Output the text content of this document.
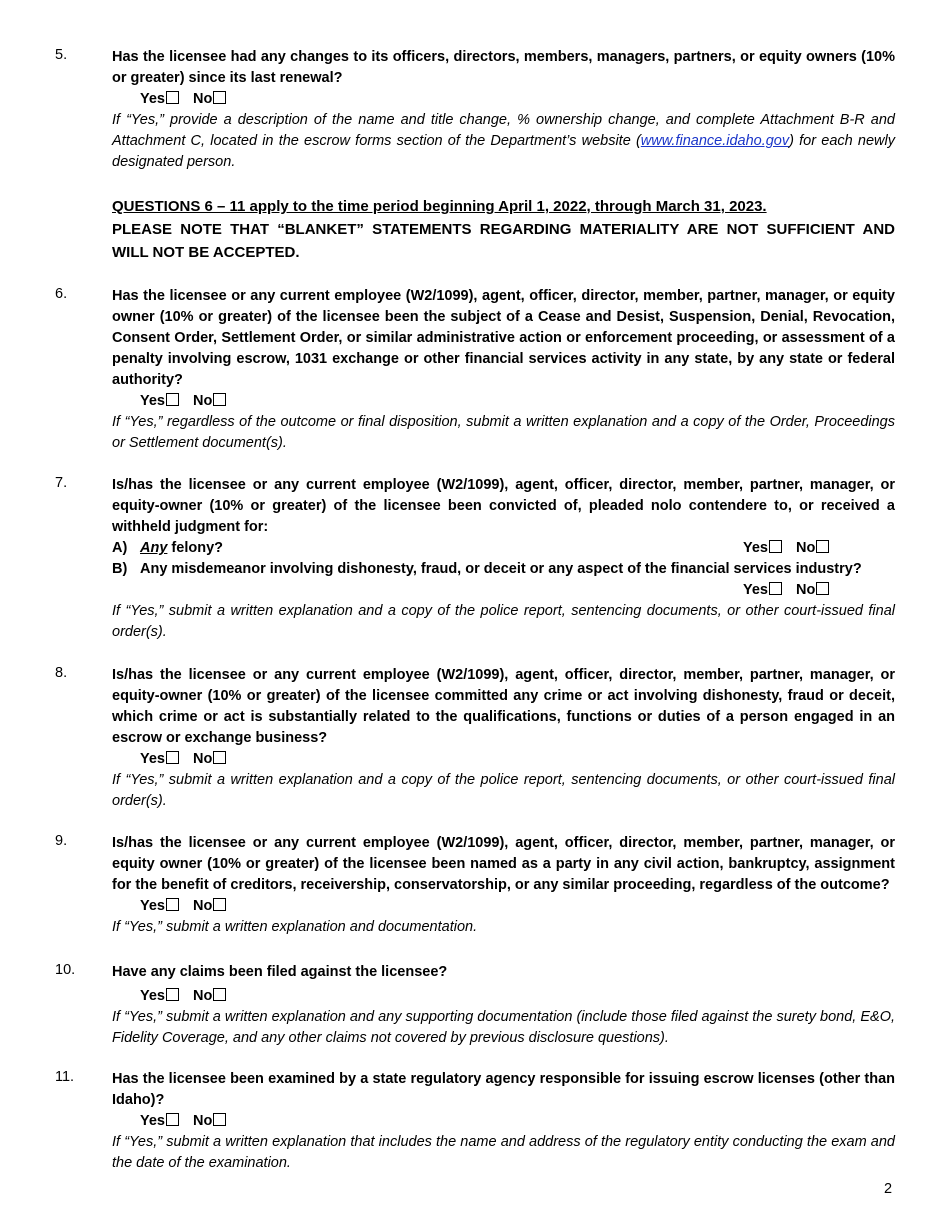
5.	Has the licensee had any changes to its officers, directors, members, managers, partners, or equity owners (10% or greater) since its last renewal?
Yes No
If “Yes,” provide a description of the name and title change, % ownership change, and complete Attachment B-R and Attachment C, located in the escrow forms section of the Department’s website (www.finance.idaho.gov) for each newly designated person.
QUESTIONS 6 – 11 apply to the time period beginning April 1, 2022, through March 31, 2023.
PLEASE NOTE THAT “BLANKET” STATEMENTS REGARDING MATERIALITY ARE NOT SUFFICIENT AND WILL NOT BE ACCEPTED.
6.	Has the licensee or any current employee (W2/1099), agent, officer, director, member, partner, manager, or equity owner (10% or greater) of the licensee been the subject of a Cease and Desist, Suspension, Denial, Revocation, Consent Order, Settlement Order, or similar administrative action or enforcement proceeding, or assessment of a penalty involving escrow, 1031 exchange or other financial services activity in any state, by any state or federal authority?
Yes No
If “Yes,” regardless of the outcome or final disposition, submit a written explanation and a copy of the Order, Proceedings or Settlement document(s).
7.	Is/has the licensee or any current employee (W2/1099), agent, officer, director, member, partner, manager, or equity-owner (10% or greater) of the licensee been convicted of, pleaded nolo contendere to, or received a withheld judgment for:
A) Any felony?	Yes No
B) Any misdemeanor involving dishonesty, fraud, or deceit or any aspect of the financial services industry?
Yes No
If “Yes,” submit a written explanation and a copy of the police report, sentencing documents, or other court-issued final order(s).
8.	Is/has the licensee or any current employee (W2/1099), agent, officer, director, member, partner, manager, or equity-owner (10% or greater) of the licensee committed any crime or act involving dishonesty, fraud or deceit, which crime or act is substantially related to the qualifications, functions or duties of a person engaged in an escrow or exchange business?
Yes No
If “Yes,” submit a written explanation and a copy of the police report, sentencing documents, or other court-issued final order(s).
9.	Is/has the licensee or any current employee (W2/1099), agent, officer, director, member, partner, manager, or equity owner (10% or greater) of the licensee been named as a party in any civil action, bankruptcy, assignment for the benefit of creditors, receivership, conservatorship, or any similar proceeding, regardless of the outcome?
Yes No
If “Yes,” submit a written explanation and documentation.
10.	Have any claims been filed against the licensee?
Yes No
If “Yes,” submit a written explanation and any supporting documentation (include those filed against the surety bond, E&O, Fidelity Coverage, and any other claims not covered by previous disclosure questions).
11.	Has the licensee been examined by a state regulatory agency responsible for issuing escrow licenses (other than Idaho)?
Yes No
If “Yes,” submit a written explanation that includes the name and address of the regulatory entity conducting the exam and the date of the examination.
2
